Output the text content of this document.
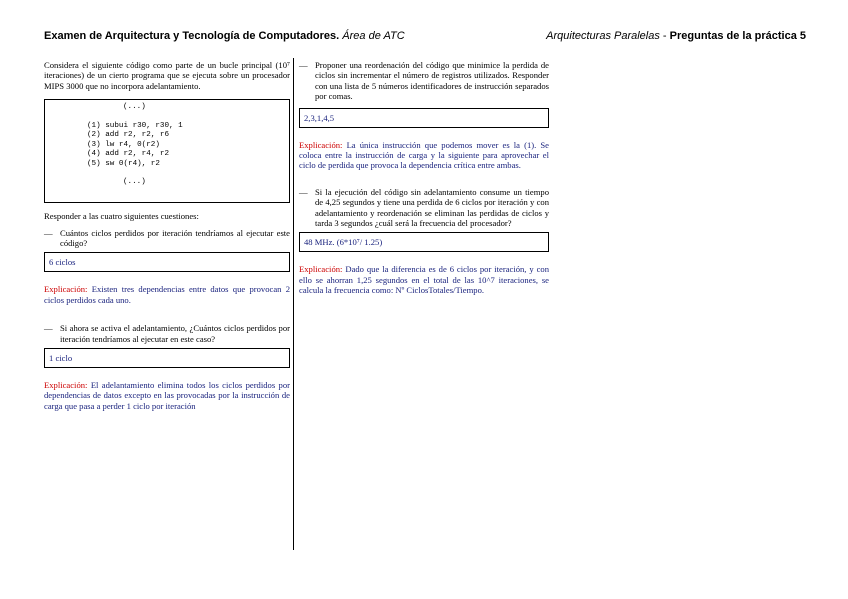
Examen de Arquitectura y Tecnología de Computadores. Área de ATC	Arquitecturas Paralelas - Preguntas de la práctica 5

Considera el siguiente código como parte de un bucle principal (10⁷ iteraciones) de un cierto programa que se ejecuta sobre un procesador MIPS 3000 que no incorpora adelantamiento.

(...)

(1) subui r30, r30, 1
(2) add r2, r2, r6
(3) lw r4, 0(r2)
(4) add r2, r4, r2
(5) sw 0(r4), r2

(...)

Responder a las cuatro siguientes cuestiones:

— Cuántos ciclos perdidos por iteración tendríamos al ejecutar este código?
6 ciclos

Explicación: Existen tres dependencias entre datos que provocan 2 ciclos perdidos cada uno.

— Si ahora se activa el adelantamiento, ¿Cuántos ciclos perdidos por iteración tendríamos al ejecutar en este caso?
1 ciclo

Explicación: El adelantamiento elimina todos los ciclos perdidos por dependencias de datos excepto en las provocadas por la instrucción de carga que pasa a perder 1 ciclo por iteración

— Proponer una reordenación del código que minimice la perdida de ciclos sin incrementar el número de registros utilizados. Responder con una lista de 5 números identificadores de instrucción separados por comas.
2,3,1,4,5

Explicación: La única instrucción que podemos mover es la (1). Se coloca entre la instrucción de carga y la siguiente para aprovechar el ciclo de perdida que provoca la dependencia crítica entre ambas.

— Si la ejecución del código sin adelantamiento consume un tiempo de 4,25 segundos y tiene una perdida de 6 ciclos por iteración y con adelantamiento y reordenación se eliminan las perdidas de ciclos y tarda 3 segundos ¿cuál será la frecuencia del procesador?
48 MHz. (6*10⁷/ 1.25)

Explicación: Dado que la diferencia es de 6 ciclos por iteración, y con ello se ahorran 1,25 segundos en el total de las 10^7 iteraciones, se calcula la frecuencia como: Nº CiclosTotales/Tiempo.
